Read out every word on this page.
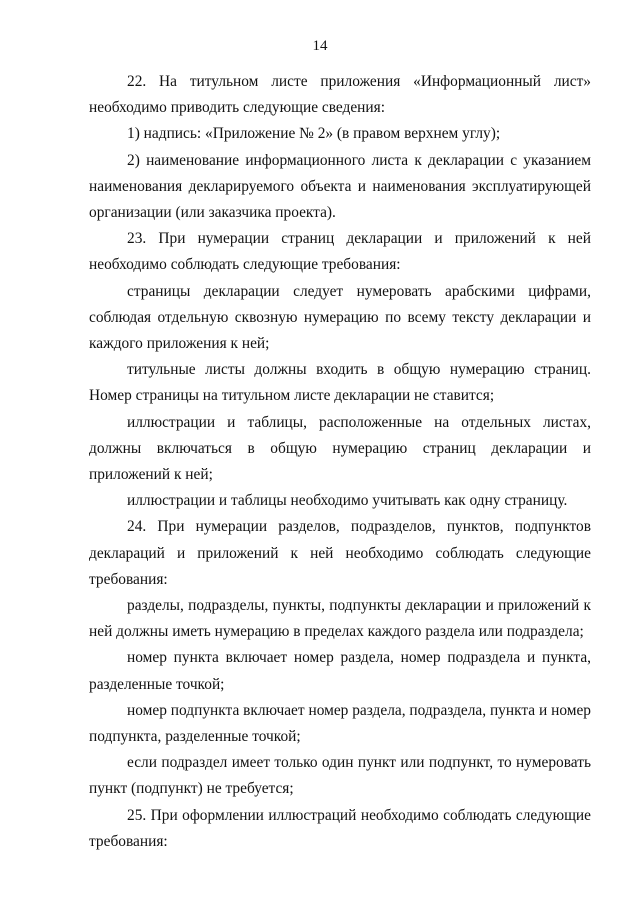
14

22. На титульном листе приложения «Информационный лист» необходимо приводить следующие сведения:

1) надпись: «Приложение № 2» (в правом верхнем углу);

2) наименование информационного листа к декларации с указанием наименования декларируемого объекта и наименования эксплуатирующей организации (или заказчика проекта).

23. При нумерации страниц декларации и приложений к ней необходимо соблюдать следующие требования:

страницы декларации следует нумеровать арабскими цифрами, соблюдая отдельную сквозную нумерацию по всему тексту декларации и каждого приложения к ней;

титульные листы должны входить в общую нумерацию страниц. Номер страницы на титульном листе декларации не ставится;

иллюстрации и таблицы, расположенные на отдельных листах, должны включаться в общую нумерацию страниц декларации и приложений к ней;

иллюстрации и таблицы необходимо учитывать как одну страницу.

24. При нумерации разделов, подразделов, пунктов, подпунктов деклараций и приложений к ней необходимо соблюдать следующие требования:

разделы, подразделы, пункты, подпункты декларации и приложений к ней должны иметь нумерацию в пределах каждого раздела или подраздела;

номер пункта включает номер раздела, номер подраздела и пункта, разделенные точкой;

номер подпункта включает номер раздела, подраздела, пункта и номер подпункта, разделенные точкой;

если подраздел имеет только один пункт или подпункт, то нумеровать пункт (подпункт) не требуется;

25. При оформлении иллюстраций необходимо соблюдать следующие требования:
